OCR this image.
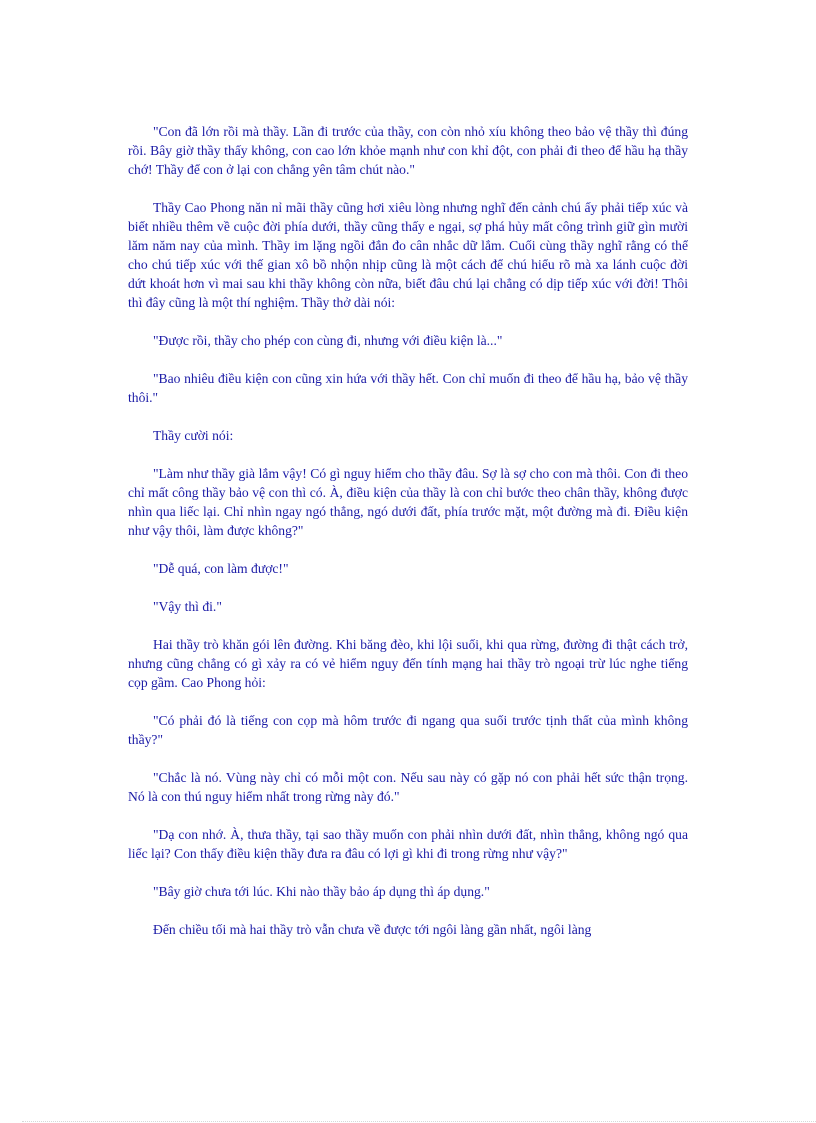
"Con đã lớn rồi mà thầy. Lần đi trước của thầy, con còn nhỏ xíu không theo bảo vệ thầy thì đúng rồi. Bây giờ thầy thấy không, con cao lớn khỏe mạnh như con khỉ đột, con phải đi theo để hầu hạ thầy chớ! Thầy để con ở lại con chẳng yên tâm chút nào."

Thầy Cao Phong năn nỉ mãi thầy cũng hơi xiêu lòng nhưng nghĩ đến cảnh chú ấy phải tiếp xúc và biết nhiều thêm về cuộc đời phía dưới, thầy cũng thấy e ngại, sợ phá hủy mất công trình giữ gìn mười lăm năm nay của mình. Thầy im lặng ngồi đắn đo cân nhắc dữ lắm. Cuối cùng thầy nghĩ rằng có thể cho chú tiếp xúc với thế gian xô bồ nhộn nhịp cũng là một cách để chú hiểu rõ mà xa lánh cuộc đời dứt khoát hơn vì mai sau khi thầy không còn nữa, biết đâu chú lại chẳng có dịp tiếp xúc với đời! Thôi thì đây cũng là một thí nghiệm. Thầy thở dài nói:

"Được rồi, thầy cho phép con cùng đi, nhưng với điều kiện là..."

"Bao nhiêu điều kiện con cũng xin hứa với thầy hết. Con chỉ muốn đi theo để hầu hạ, bảo vệ thầy thôi."

Thầy cười nói:

"Làm như thầy già lắm vậy! Có gì nguy hiểm cho thầy đâu. Sợ là sợ cho con mà thôi. Con đi theo chỉ mất công thầy bảo vệ con thì có. À, điều kiện của thầy là con chỉ bước theo chân thầy, không được nhìn qua liếc lại. Chỉ nhìn ngay ngó thẳng, ngó dưới đất, phía trước mặt, một đường mà đi. Điều kiện như vậy thôi, làm được không?"

"Dễ quá, con làm được!"

"Vậy thì đi."

Hai thầy trò khăn gói lên đường. Khi băng đèo, khi lội suối, khi qua rừng, đường đi thật cách trở, nhưng cũng chẳng có gì xảy ra có vẻ hiểm nguy đến tính mạng hai thầy trò ngoại trừ lúc nghe tiếng cọp gầm. Cao Phong hỏi:

"Có phải đó là tiếng con cọp mà hôm trước đi ngang qua suối trước tịnh thất của mình không thầy?"

"Chắc là nó. Vùng này chỉ có mỗi một con. Nếu sau này có gặp nó con phải hết sức thận trọng. Nó là con thú nguy hiểm nhất trong rừng này đó."

"Dạ con nhớ. À, thưa thầy, tại sao thầy muốn con phải nhìn dưới đất, nhìn thẳng, không ngó qua liếc lại? Con thấy điều kiện thầy đưa ra đâu có lợi gì khi đi trong rừng như vậy?"

"Bây giờ chưa tới lúc. Khi nào thầy bảo áp dụng thì áp dụng."

Đến chiều tối mà hai thầy trò vẫn chưa về được tới ngôi làng gần nhất, ngôi làng
